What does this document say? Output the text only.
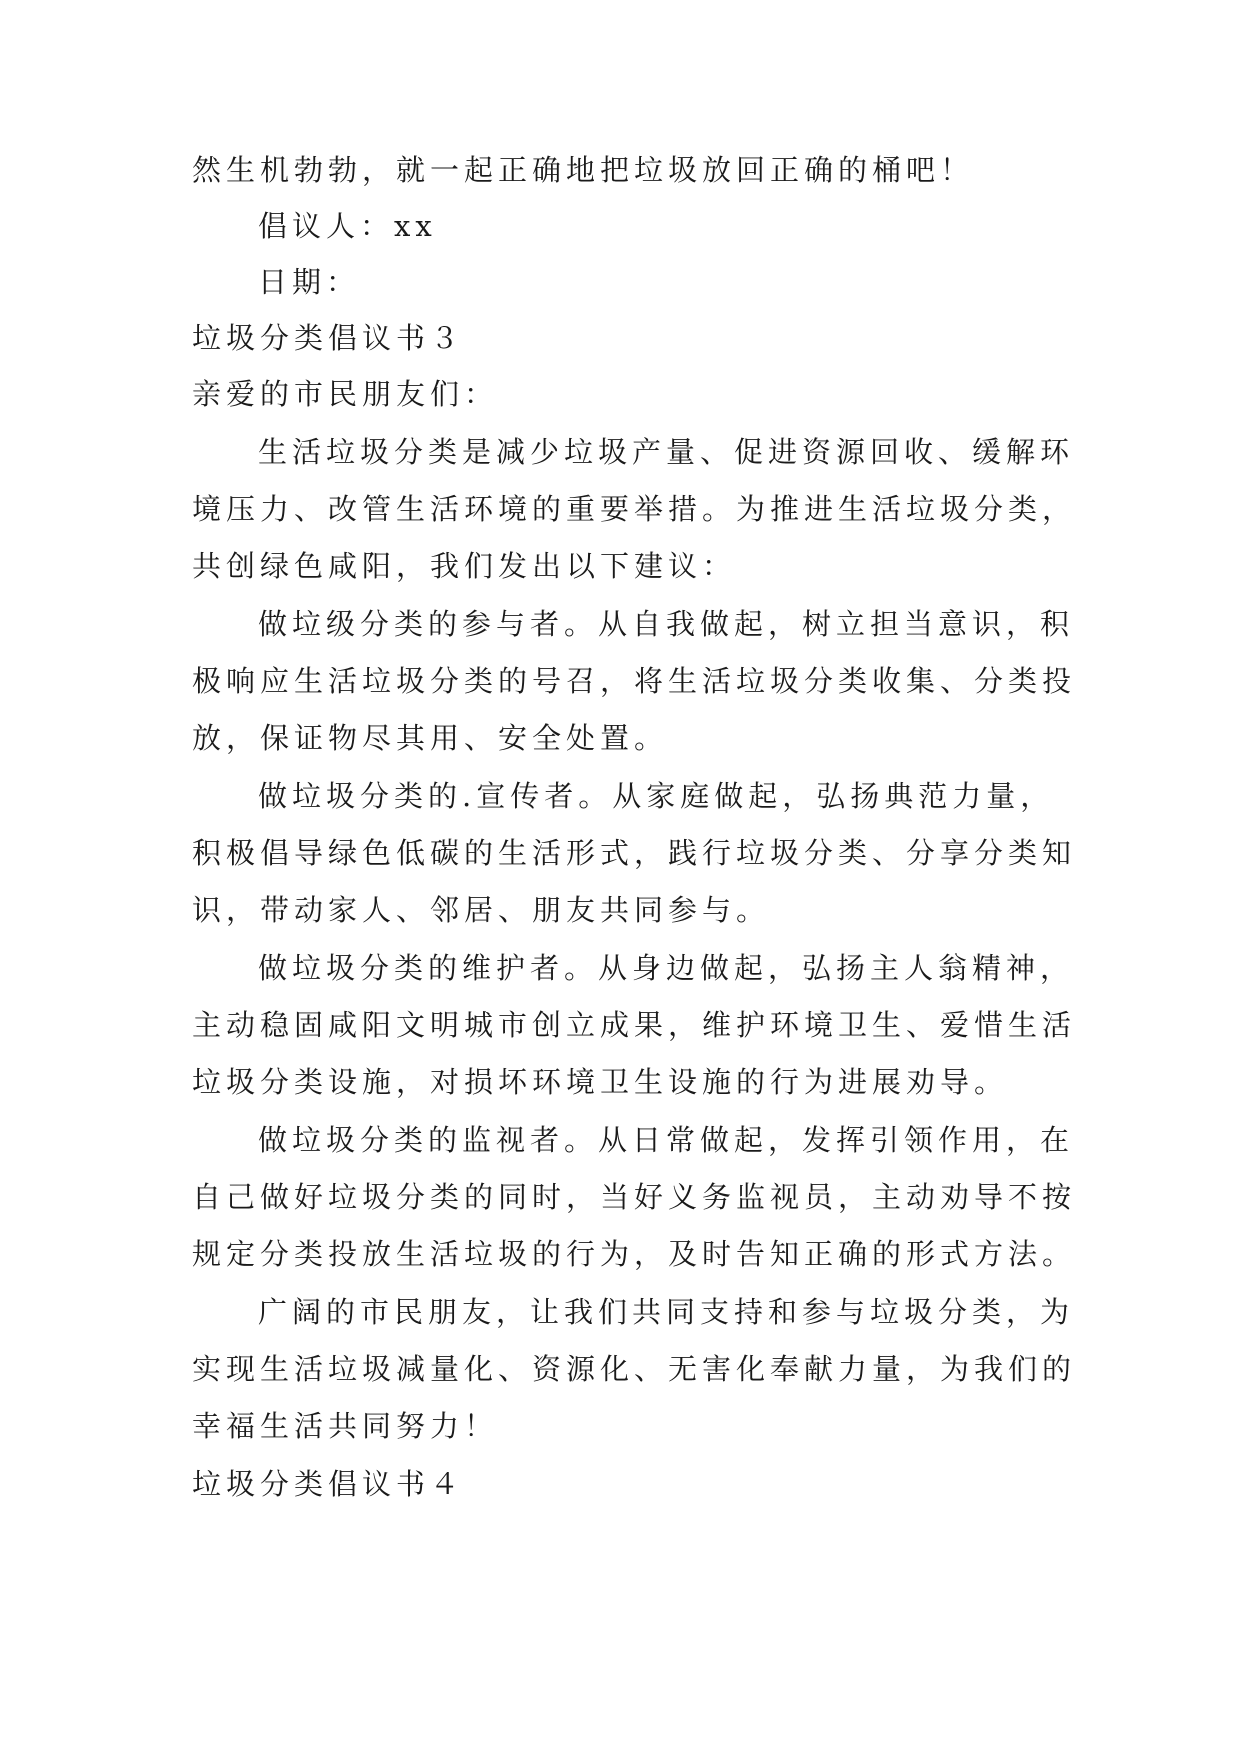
然生机勃勃，就一起正确地把垃圾放回正确的桶吧！
倡议人：xx
日期：
垃圾分类倡议书３
亲爱的市民朋友们：
生活垃圾分类是减少垃圾产量、促进资源回收、缓解环
境压力、改管生活环境的重要举措。为推进生活垃圾分类，
共创绿色咸阳，我们发出以下建议：
做垃级分类的参与者。从自我做起，树立担当意识，积
极响应生活垃圾分类的号召，将生活垃圾分类收集、分类投
放，保证物尽其用、安全处置。
做垃圾分类的.宣传者。从家庭做起，弘扬典范力量，
积极倡导绿色低碳的生活形式，践行垃圾分类、分享分类知
识，带动家人、邻居、朋友共同参与。
做垃圾分类的维护者。从身边做起，弘扬主人翁精神，
主动稳固咸阳文明城市创立成果，维护环境卫生、爱惜生活
垃圾分类设施，对损坏环境卫生设施的行为进展劝导。
做垃圾分类的监视者。从日常做起，发挥引领作用，在
自己做好垃圾分类的同时，当好义务监视员，主动劝导不按
规定分类投放生活垃圾的行为，及时告知正确的形式方法。
广阔的市民朋友，让我们共同支持和参与垃圾分类，为
实现生活垃圾减量化、资源化、无害化奉献力量，为我们的
幸福生活共同努力！
垃圾分类倡议书４
